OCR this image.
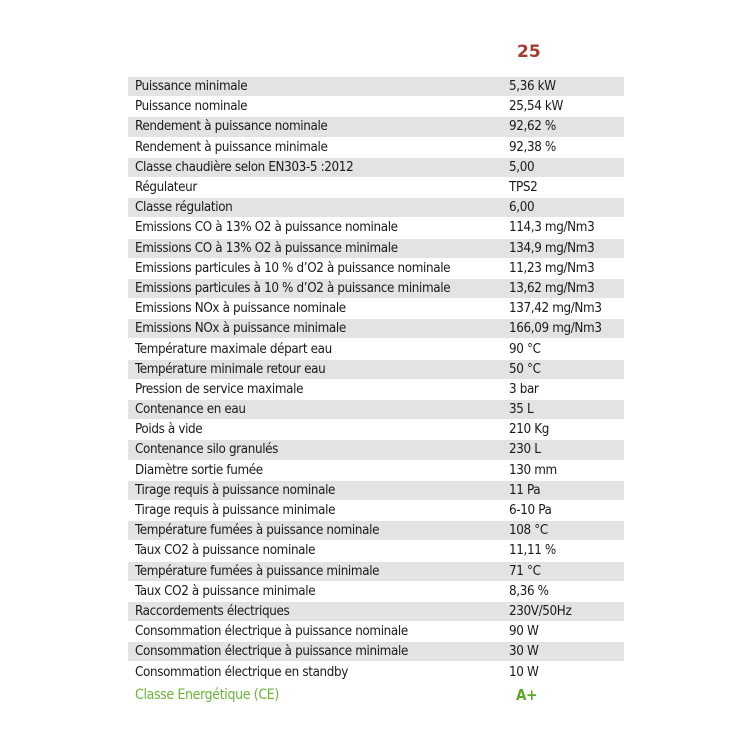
25
Puissance minimale	5,36 kW
Puissance nominale	25,54 kW
Rendement à puissance nominale	92,62 %
Rendement à puissance minimale	92,38 %
Classe chaudière selon EN303-5 :2012	5,00
Régulateur	TPS2
Classe régulation	6,00
Emissions CO à 13% O2 à puissance nominale	114,3 mg/Nm3
Emissions CO à 13% O2 à puissance minimale	134,9 mg/Nm3
Emissions particules à 10 % d’O2 à puissance nominale	11,23 mg/Nm3
Emissions particules à 10 % d’O2 à puissance minimale	13,62 mg/Nm3
Emissions NOx à puissance nominale	137,42 mg/Nm3
Emissions NOx à puissance minimale	166,09 mg/Nm3
Température maximale départ eau	90 °C
Température minimale retour eau	50 °C
Pression de service maximale	3 bar
Contenance en eau	35 L
Poids à vide	210 Kg
Contenance silo granulés	230 L
Diamètre sortie fumée	130 mm
Tirage requis à puissance nominale	11 Pa
Tirage requis à puissance minimale	6-10 Pa
Température fumées à puissance nominale	108 °C
Taux CO2 à puissance nominale	11,11 %
Température fumées à puissance minimale	71 °C
Taux CO2 à puissance minimale	8,36 %
Raccordements électriques	230V/50Hz
Consommation électrique à puissance nominale	90 W
Consommation électrique à puissance minimale	30 W
Consommation électrique en standby	10 W
Classe Energétique (CE)	A+
